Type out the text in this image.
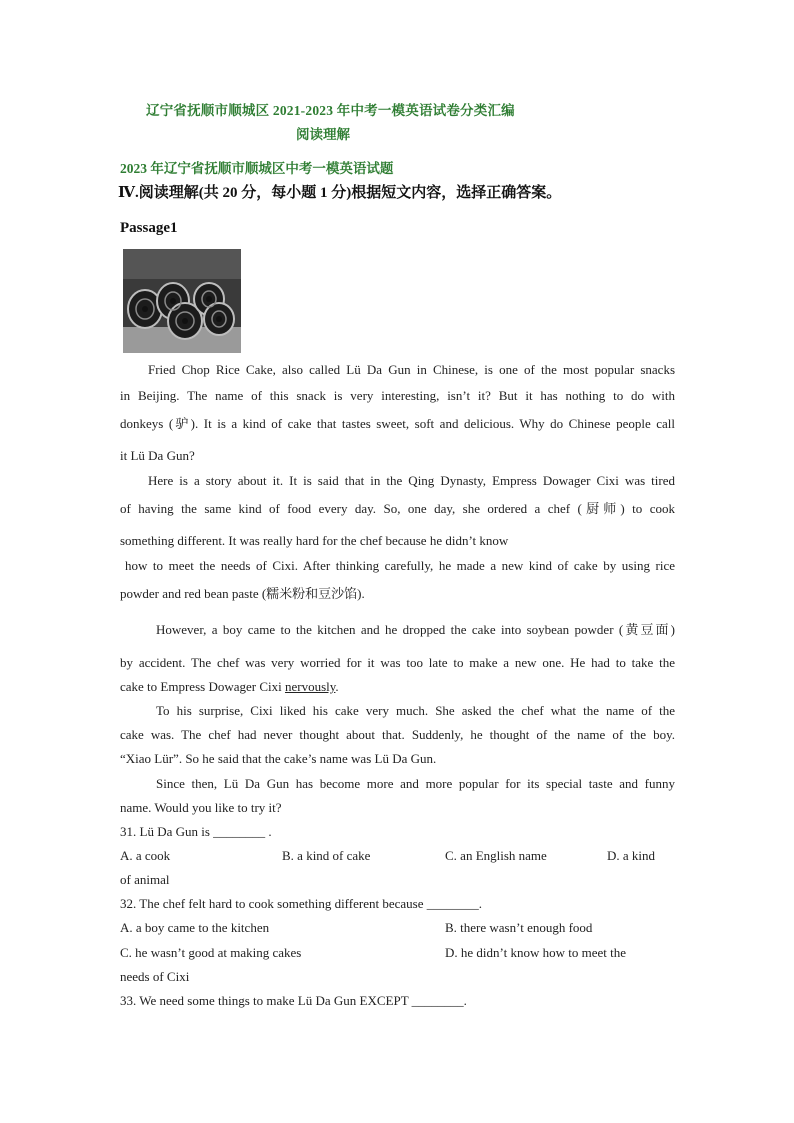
辽宁省抚顺市顺城区 2021-2023 年中考一模英语试卷分类汇编
阅读理解
2023 年辽宁省抚顺市顺城区中考一模英语试题
Ⅳ.阅读理解(共 20 分，每小题 1 分)根据短文内容，选择正确答案。
Passage1
Fried Chop Rice Cake, also called Lü Da Gun in Chinese, is one of the most popular snacks
in Beijing. The name of this snack is very interesting, isn’t it? But it has nothing to do with
donkeys (驴). It is a kind of cake that tastes sweet, soft and delicious. Why do Chinese people call
it Lü Da Gun?
Here is a story about it. It is said that in the Qing Dynasty, Empress Dowager Cixi was tired
of having the same kind of food every day. So, one day, she ordered a chef (厨师) to cook
something different. It was really hard for the chef because he didn’t know
how to meet the needs of Cixi. After thinking carefully, he made a new kind of cake by using rice
powder and red bean paste (糯米粉和豆沙馅).
However, a boy came to the kitchen and he dropped the cake into soybean powder (黄豆面)
by accident. The chef was very worried for it was too late to make a new one. He had to take the
cake to Empress Dowager Cixi nervously.
To his surprise, Cixi liked his cake very much. She asked the chef what the name of the
cake was. The chef had never thought about that. Suddenly, he thought of the name of the boy.
“Xiao Lür”. So he said that the cake’s name was Lü Da Gun.
Since then, Lü Da Gun has become more and more popular for its special taste and funny
name. Would you like to try it?
31. Lü Da Gun is ________ .
A. a cook	B. a kind of cake	C. an English name	D. a kind
of animal
32. The chef felt hard to cook something different because ________.
A. a boy came to the kitchen	B. there wasn’t enough food
C. he wasn’t good at making cakes	D. he didn’t know how to meet the
needs of Cixi
33. We need some things to make Lü Da Gun EXCEPT ________.
